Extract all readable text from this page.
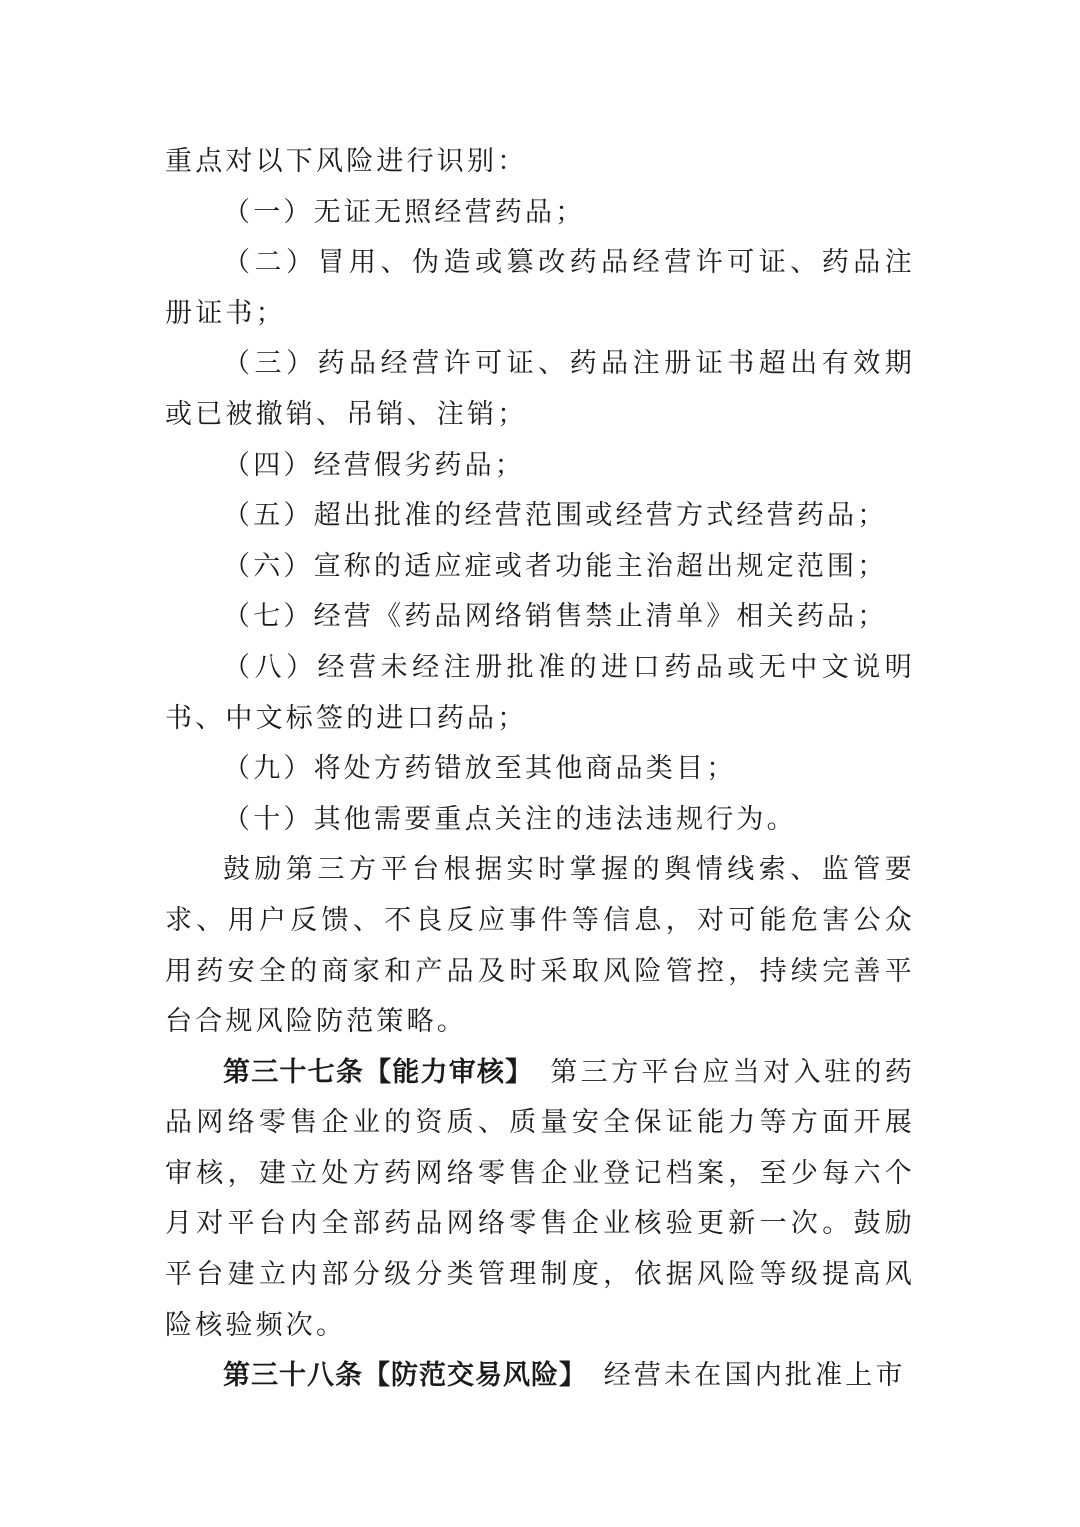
重点对以下风险进行识别：

（一）无证无照经营药品；

（二）冒用、伪造或篡改药品经营许可证、药品注册证书；

（三）药品经营许可证、药品注册证书超出有效期或已被撤销、吊销、注销；

（四）经营假劣药品；

（五）超出批准的经营范围或经营方式经营药品；

（六）宣称的适应症或者功能主治超出规定范围；

（七）经营《药品网络销售禁止清单》相关药品；

（八）经营未经注册批准的进口药品或无中文说明书、中文标签的进口药品；

（九）将处方药错放至其他商品类目；

（十）其他需要重点关注的违法违规行为。

鼓励第三方平台根据实时掌握的舆情线索、监管要求、用户反馈、不良反应事件等信息，对可能危害公众用药安全的商家和产品及时采取风险管控，持续完善平台合规风险防范策略。

第三十七条【能力审核】　 第三方平台应当对入驻的药品网络零售企业的资质、质量安全保证能力等方面开展审核，建立处方药网络零售企业登记档案，至少每六个月对平台内全部药品网络零售企业核验更新一次。鼓励平台建立内部分级分类管理制度，依据风险等级提高风险核验频次。

第三十八条【防范交易风险】　 经营未在国内批准上市
